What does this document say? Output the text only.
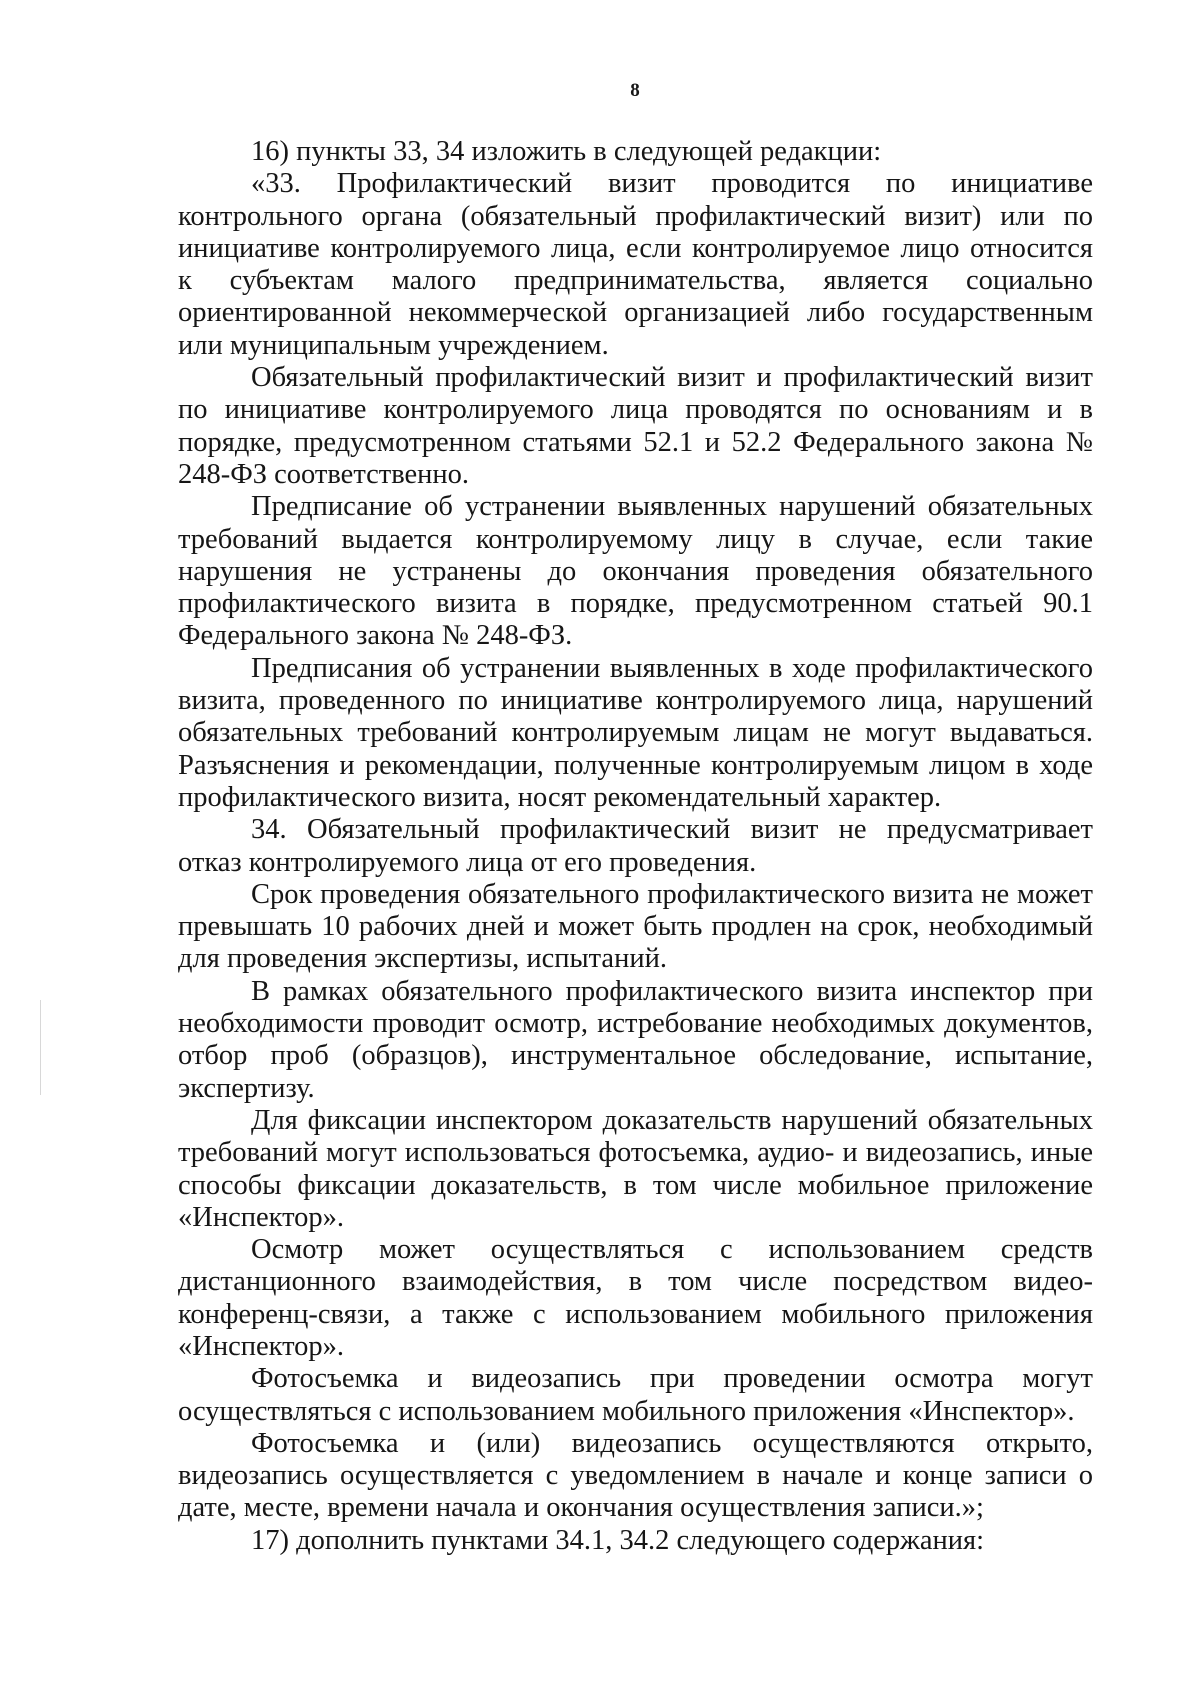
8

16) пункты 33, 34 изложить в следующей редакции:

«33. Профилактический визит проводится по инициативе контрольного органа (обязательный профилактический визит) или по инициативе контролируемого лица, если контролируемое лицо относится к субъектам малого предпринимательства, является социально ориентированной некоммерческой организацией либо государственным или муниципальным учреждением.

Обязательный профилактический визит и профилактический визит по инициативе контролируемого лица проводятся по основаниям и в порядке, предусмотренном статьями 52.1 и 52.2 Федерального закона № 248-ФЗ соответственно.

Предписание об устранении выявленных нарушений обязательных требований выдается контролируемому лицу в случае, если такие нарушения не устранены до окончания проведения обязательного профилактического визита в порядке, предусмотренном статьей 90.1 Федерального закона № 248-ФЗ.

Предписания об устранении выявленных в ходе профилактического визита, проведенного по инициативе контролируемого лица, нарушений обязательных требований контролируемым лицам не могут выдаваться. Разъяснения и рекомендации, полученные контролируемым лицом в ходе профилактического визита, носят рекомендательный характер.

34. Обязательный профилактический визит не предусматривает отказ контролируемого лица от его проведения.

Срок проведения обязательного профилактического визита не может превышать 10 рабочих дней и может быть продлен на срок, необходимый для проведения экспертизы, испытаний.

В рамках обязательного профилактического визита инспектор при необходимости проводит осмотр, истребование необходимых документов, отбор проб (образцов), инструментальное обследование, испытание, экспертизу.

Для фиксации инспектором доказательств нарушений обязательных требований могут использоваться фотосъемка, аудио- и видеозапись, иные способы фиксации доказательств, в том числе мобильное приложение «Инспектор».

Осмотр может осуществляться с использованием средств дистанционного взаимодействия, в том числе посредством видео-конференц-связи, а также с использованием мобильного приложения «Инспектор».

Фотосъемка и видеозапись при проведении осмотра могут осуществляться с использованием мобильного приложения «Инспектор».

Фотосъемка и (или) видеозапись осуществляются открыто, видеозапись осуществляется с уведомлением в начале и конце записи о дате, месте, времени начала и окончания осуществления записи.»;

17) дополнить пунктами 34.1, 34.2 следующего содержания:
